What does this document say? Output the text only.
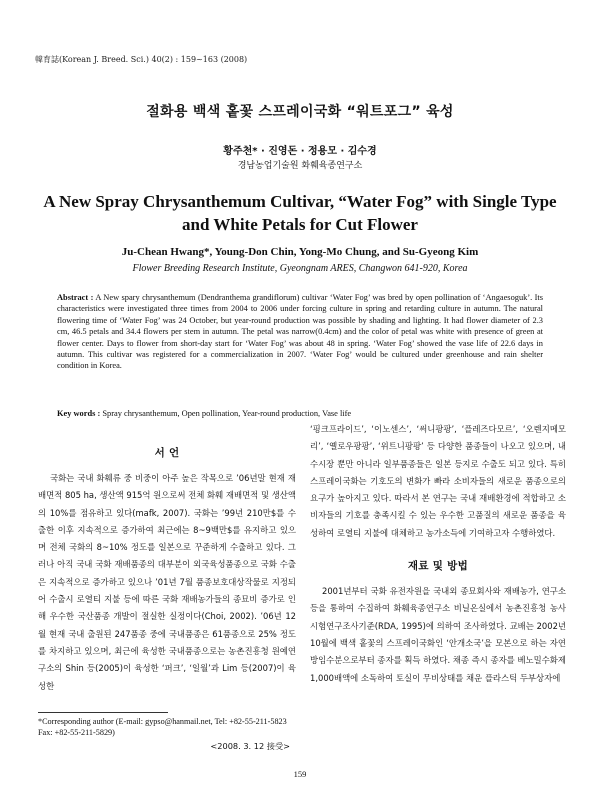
韓育誌(Korean J. Breed. Sci.) 40(2) : 159~163 (2008)
절화용 백색 홑꽃 스프레이국화 “워트포그” 육성
황주천* · 진영돈 · 정용모 · 김수경
경남농업기술원 화훼육종연구소
A New Spray Chrysanthemum Cultivar, “Water Fog” with Single Type and White Petals for Cut Flower
Ju-Chean Hwang*, Young-Don Chin, Yong-Mo Chung, and Su-Gyeong Kim
Flower Breeding Research Institute, Gyeongnam ARES, Changwon 641-920, Korea
Abstract : A New spary chrysanthemum (Dendranthema grandiflorum) cultivar ‘Water Fog’ was bred by open pollination of ‘Angaesoguk’. Its characteristics were investigated three times from 2004 to 2006 under forcing culture in spring and retarding culture in autumn. The natural flowering time of ‘Water Fog’ was 24 October, but year-round production was possible by shading and lighting. It had flower diameter of 2.3 cm, 46.5 petals and 34.4 flowers per stem in autumn. The petal was narrow(0.4cm) and the color of petal was white with presence of green at flower center. Days to flower from short-day start for ‘Water Fog’ was about 48 in spring. ‘Water Fog’ showed the vase life of 22.6 days in autumn. This cultivar was registered for a commercialization in 2007. ‘Water Fog’ would be cultured under greenhouse and rain shelter condition in Korea.
Key words : Spray chrysanthemum, Open pollination, Year-round production, Vase life
서 언

국화는 국내 화훼류 중 비중이 아주 높은 작목으로 ’06년말 현재 재배면적 805 ha, 생산액 915억 원으로써 전체 화훼 재배면적 및 생산액의 10%를 점유하고 있다(mafk, 2007). 국화는 ’99년 210만$를 수출한 이후 지속적으로 증가하여 최근에는 8~9백만$를 유지하고 있으며 전체 국화의 8~10% 정도를 일본으로 꾸준하게 수출하고 있다. 그러나 아직 국내 국화 재배품종의 대부분이 외국육성품종으로 국화 수출은 지속적으로 증가하고 있으나 ’01년 7월 품종보호대상작물로 지정되어 수출시 로열티 지불 등에 따른 국화 재배농가들의 종묘비 증가로 인해 우수한 국산품종 개발이 절실한 실정이다(Choi, 2002). ’06년 12월 현재 국내 출원된 247품종 중에 국내품종은 61품종으로 25% 정도를 차지하고 있으며, 최근에 육성한 국내품종으로는 농촌진흥청 원예연구소의 Shin 등(2005)이 육성한 ‘퍼크’, ‘일월’과 Lim 등(2007)이 육성한

‘핑크프라이드’, ‘이노센스’, ‘써니팡팡’, ‘플레즈다모르’, ‘오렌지메모리’, ‘옐로우팡팡’, ‘위트니팡팡’ 등 다양한 품종들이 나오고 있으며, 내수시장 뿐만 아니라 일부품종들은 일본 등지로 수출도 되고 있다. 특히 스프레이국화는 기호도의 변화가 빠라 소비자들의 새로운 품종으로의 요구가 높아지고 있다. 따라서 본 연구는 국내 재배환경에 적합하고 소비자들의 기호를 충족시킬 수 있는 우수한 고품질의 새로운 품종을 육성하여 로열티 지불에 대체하고 농가소득에 기여하고자 수행하였다.

재료 및 방법

2001년부터 국화 유전자원을 국내외 종묘회사와 재배농가, 연구소 등을 통하여 수집하여 화훼육종연구소 비닐온실에서 농촌진흥청 농사시험연구조사기준(RDA, 1995)에 의하여 조사하였다. 교배는 2002년 10월에 백색 홑꽃의 스프레이국화인 ‘안개소국’을 모본으로 하는 자연 방임수분으로부터 종자를 획득 하였다. 채종 즉시 종자를 베노밀수화제 1,000배액에 소독하여 토실이 무비상태를 채운 플라스틱 두부상자에

*Corresponding author (E-mail: gypso@hanmail.net, Tel: +82-55-211-5823 Fax: +82-55-211-5829)
<2008. 3. 12 接受>
159
